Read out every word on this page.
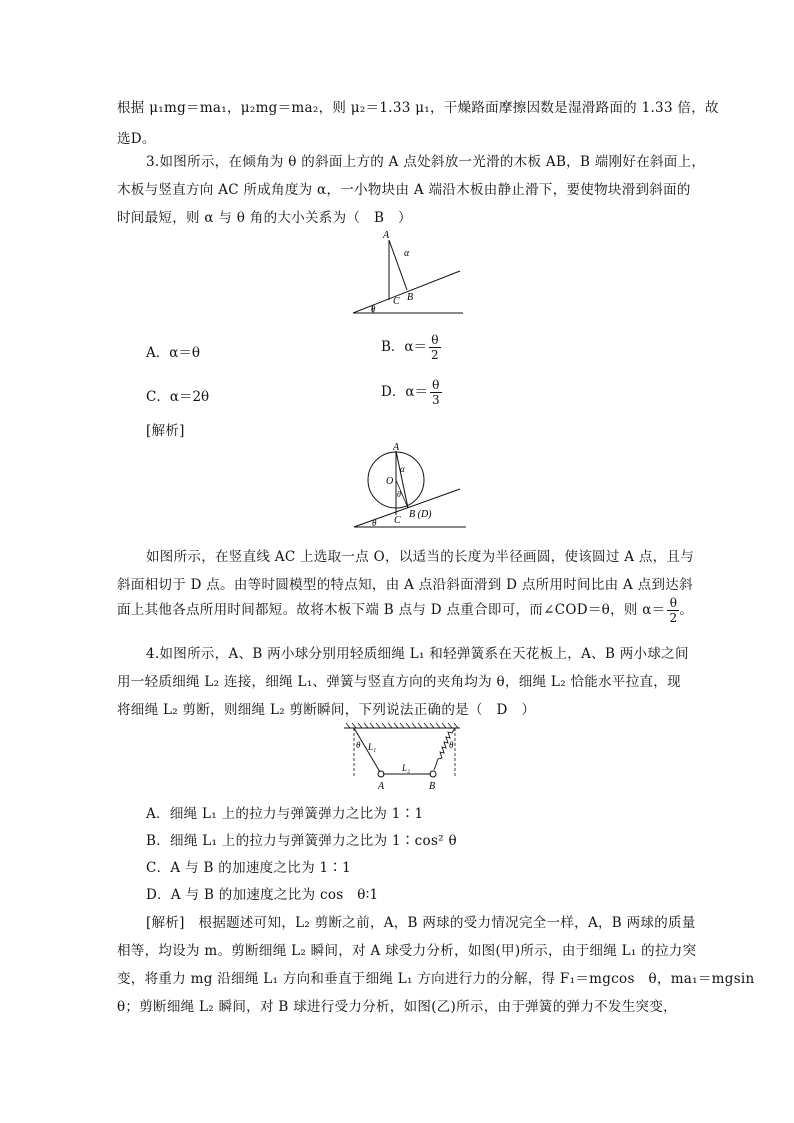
根据 μ₁mg＝ma₁，μ₂mg＝ma₂，则 μ₂＝1.33 μ₁，干燥路面摩擦因数是湿滑路面的 1.33 倍，故
选D。
3.如图所示，在倾角为 θ 的斜面上方的 A 点处斜放一光滑的木板 AB，B 端刚好在斜面上，
木板与竖直方向 AC 所成角度为 α，一小物块由 A 端沿木板由静止滑下，要使物块滑到斜面的
时间最短，则 α 与 θ 角的大小关系为（　B　）
A
α
C B
θ
A．α＝θ	B．$\alpha= \frac{\theta}{2}$
C．α＝2θ	D．$\alpha= \frac{\theta}{3}$
[解析]
A
α
O
θ
C
B (D)
θ
如图所示，在竖直线 AC 上选取一点 O，以适当的长度为半径画圆，使该圆过 A 点，且与
斜面相切于 D 点。由等时圆模型的特点知，由 A 点沿斜面滑到 D 点所用时间比由 A 点到达斜
面上其他各点所用时间都短。故将木板下端 B 点与 D 点重合即可，而∠COD＝θ，则 $\alpha= \frac{\theta}{2}$ 。
4.如图所示，A、B 两小球分别用轻质细绳 L₁ 和轻弹簧系在天花板上，A、B 两小球之间
用一轻质细绳 L₂ 连接，细绳 L₁、弹簧与竖直方向的夹角均为 θ，细绳 L₂ 恰能水平拉直，现
将细绳 L₂ 剪断，则细绳 L₂ 剪断瞬间，下列说法正确的是（　D　）
θ L₁
L₂
θ
A	B
A．细绳 L₁ 上的拉力与弹簧弹力之比为 1∶1
B．细绳 L₁ 上的拉力与弹簧弹力之比为 1∶cos² θ
C．A 与 B 的加速度之比为 1∶1
D．A 与 B 的加速度之比为 cos　θ∶1
[解析]　根据题述可知，L₂ 剪断之前，A，B 两球的受力情况完全一样，A，B 两球的质量
相等，均设为 m。剪断细绳 L₂ 瞬间，对 A 球受力分析，如图(甲)所示，由于细绳 L₁ 的拉力突
变，将重力 mg 沿细绳 L₁ 方向和垂直于细绳 L₁ 方向进行力的分解，得 F₁＝mgcos　θ，ma₁＝mgsin
θ；剪断细绳 L₂ 瞬间，对 B 球进行受力分析，如图(乙)所示，由于弹簧的弹力不发生突变，
